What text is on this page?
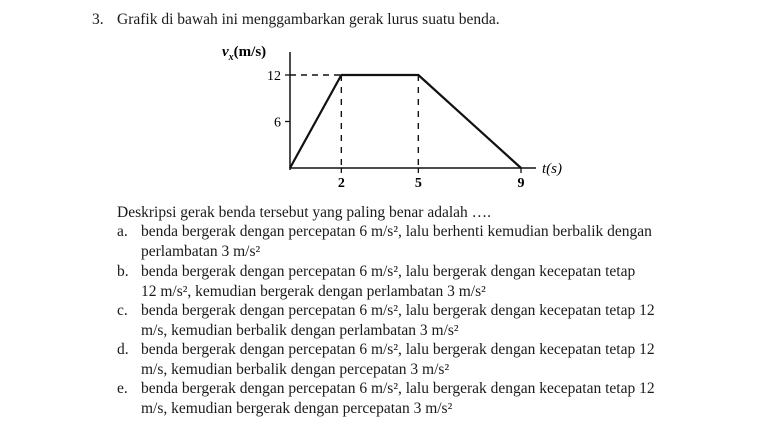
3. Grafik di bawah ini menggambarkan gerak lurus suatu benda.
$v_x(m/s)$
12
6
2	5	9
t(s)
Deskripsi gerak benda tersebut yang paling benar adalah ….
a. benda bergerak dengan percepatan 6 m/s², lalu berhenti kemudian berbalik dengan
perlambatan 3 m/s²
b. benda bergerak dengan percepatan 6 m/s², lalu bergerak dengan kecepatan tetap
12 m/s², kemudian bergerak dengan perlambatan 3 m/s²
c. benda bergerak dengan percepatan 6 m/s², lalu bergerak dengan kecepatan tetap 12
m/s, kemudian berbalik dengan perlambatan 3 m/s²
d. benda bergerak dengan percepatan 6 m/s², lalu bergerak dengan kecepatan tetap 12
m/s, kemudian berbalik dengan percepatan 3 m/s²
e. benda bergerak dengan percepatan 6 m/s², lalu bergerak dengan kecepatan tetap 12
m/s, kemudian bergerak dengan percepatan 3 m/s²
